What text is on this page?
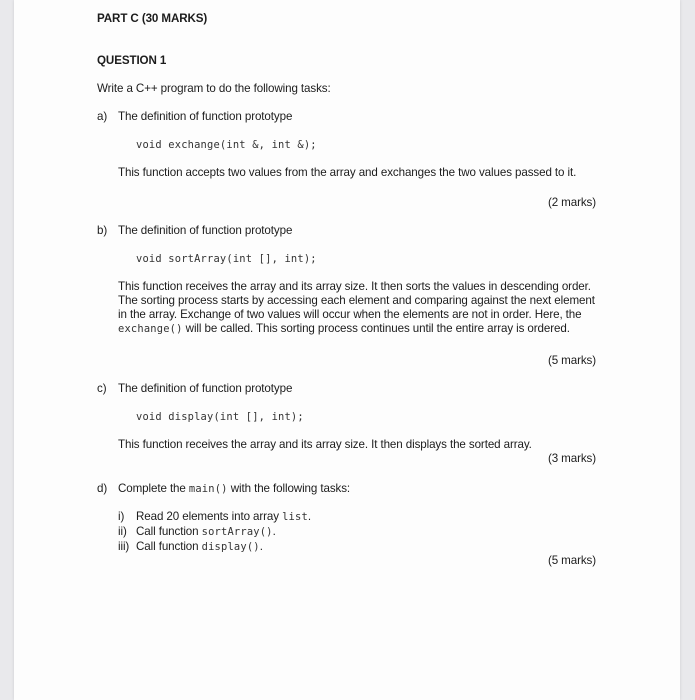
PART C (30 MARKS)
QUESTION 1
Write a C++ program to do the following tasks:
a) The definition of function prototype
void exchange(int &, int &);
This function accepts two values from the array and exchanges the two values passed to it.
(2 marks)
b) The definition of function prototype
void sortArray(int [], int);
This function receives the array and its array size. It then sorts the values in descending order. The sorting process starts by accessing each element and comparing against the next element in the array. Exchange of two values will occur when the elements are not in order. Here, the exchange() will be called. This sorting process continues until the entire array is ordered.
(5 marks)
c) The definition of function prototype
void display(int [], int);
This function receives the array and its array size. It then displays the sorted array.
(3 marks)
d) Complete the main() with the following tasks:
i) Read 20 elements into array list.
ii) Call function sortArray().
iii) Call function display().
(5 marks)
